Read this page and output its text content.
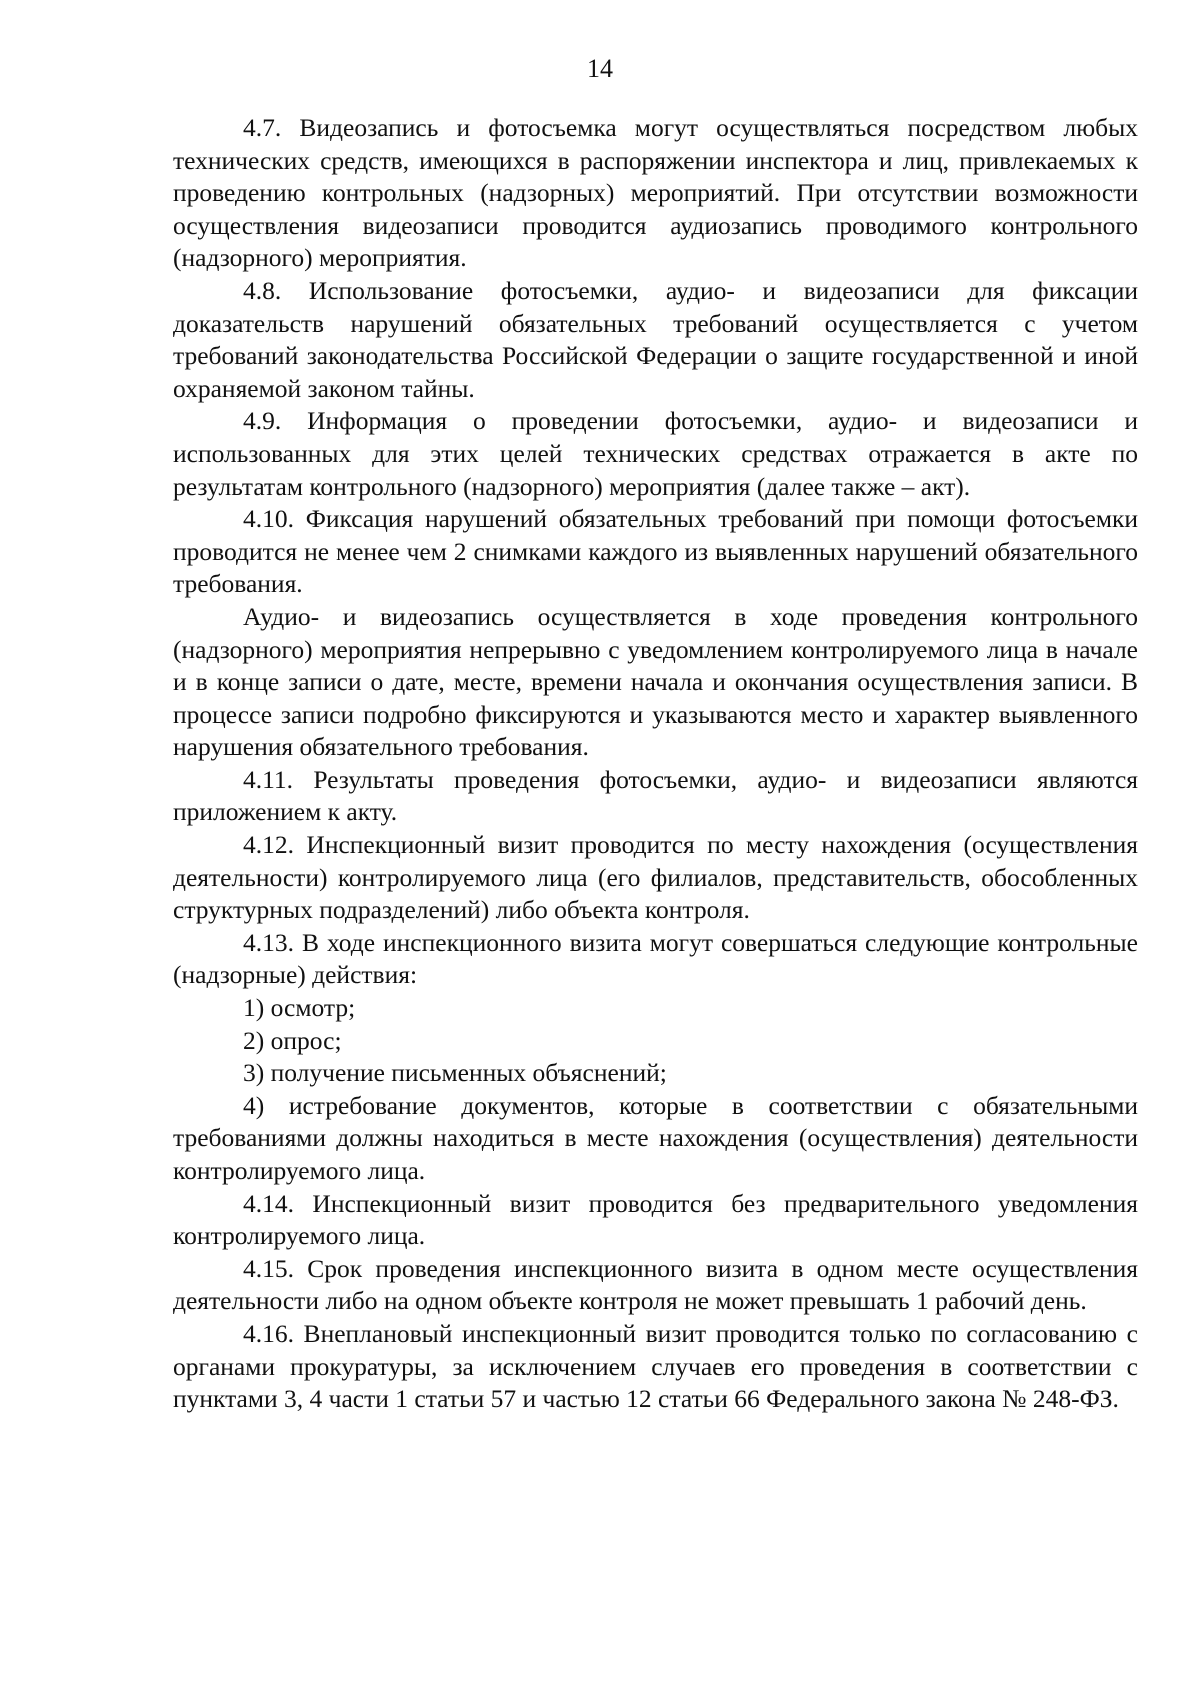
14

4.7. Видеозапись и фотосъемка могут осуществляться посредством любых технических средств, имеющихся в распоряжении инспектора и лиц, привлекаемых к проведению контрольных (надзорных) мероприятий. При отсутствии возможности осуществления видеозаписи проводится аудиозапись проводимого контрольного (надзорного) мероприятия.

4.8. Использование фотосъемки, аудио- и видеозаписи для фиксации доказательств нарушений обязательных требований осуществляется с учетом требований законодательства Российской Федерации о защите государственной и иной охраняемой законом тайны.

4.9. Информация о проведении фотосъемки, аудио- и видеозаписи и использованных для этих целей технических средствах отражается в акте по результатам контрольного (надзорного) мероприятия (далее также – акт).

4.10. Фиксация нарушений обязательных требований при помощи фотосъемки проводится не менее чем 2 снимками каждого из выявленных нарушений обязательного требования.

Аудио- и видеозапись осуществляется в ходе проведения контрольного (надзорного) мероприятия непрерывно с уведомлением контролируемого лица в начале и в конце записи о дате, месте, времени начала и окончания осуществления записи. В процессе записи подробно фиксируются и указываются место и характер выявленного нарушения обязательного требования.

4.11. Результаты проведения фотосъемки, аудио- и видеозаписи являются приложением к акту.

4.12. Инспекционный визит проводится по месту нахождения (осуществления деятельности) контролируемого лица (его филиалов, представительств, обособленных структурных подразделений) либо объекта контроля.

4.13. В ходе инспекционного визита могут совершаться следующие контрольные (надзорные) действия:

1) осмотр;

2) опрос;

3) получение письменных объяснений;

4) истребование документов, которые в соответствии с обязательными требованиями должны находиться в месте нахождения (осуществления) деятельности контролируемого лица.

4.14. Инспекционный визит проводится без предварительного уведомления контролируемого лица.

4.15. Срок проведения инспекционного визита в одном месте осуществления деятельности либо на одном объекте контроля не может превышать 1 рабочий день.

4.16. Внеплановый инспекционный визит проводится только по согласованию с органами прокуратуры, за исключением случаев его проведения в соответствии с пунктами 3, 4 части 1 статьи 57 и частью 12 статьи 66 Федерального закона № 248-ФЗ.
